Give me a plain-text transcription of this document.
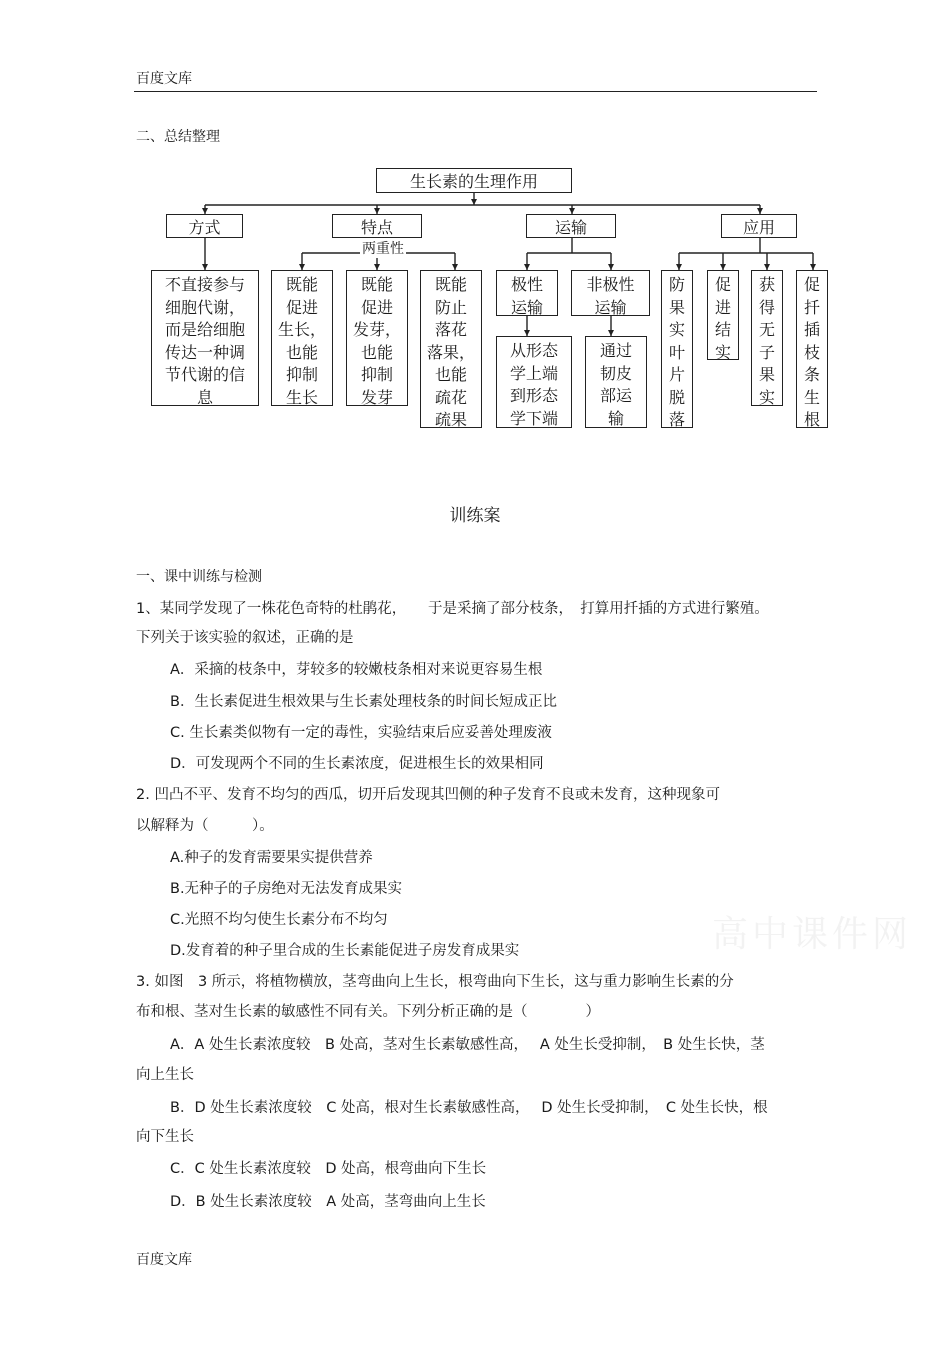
百度文库
二、总结整理
生长素的生理作用
方式	特点	运输	应用
两重性
不直接参与
细胞代谢，
而是给细胞
传达一种调
节代谢的信
息
既能
促进
生长，
也能
抑制
生长
既能
促进
发芽，
也能
抑制
发芽
既能
防止
落花
落果，
也能
疏花
疏果
极性
运输
非极性
运输
从形态
学上端
到形态
学下端
通过
韧皮
部运
输
防
果
实
叶
片
脱
落
促
进
结
实
获
得
无
子
果
实
促
扦
插
枝
条
生
根
训练案
一、课中训练与检测
1、某同学发现了一株花色奇特的杜鹃花，　　于是采摘了部分枝条，　打算用扦插的方式进行繁殖。
下列关于该实验的叙述，正确的是
A．采摘的枝条中，芽较多的较嫩枝条相对来说更容易生根
B．生长素促进生根效果与生长素处理枝条的时间长短成正比
C. 生长素类似物有一定的毒性，实验结束后应妥善处理废液
D．可发现两个不同的生长素浓度，促进根生长的效果相同
2. 凹凸不平、发育不均匀的西瓜，切开后发现其凹侧的种子发育不良或未发育，这种现象可
以解释为（　　　）。
A.种子的发育需要果实提供营养
B.无种子的子房绝对无法发育成果实
C.光照不均匀使生长素分布不均匀
D.发育着的种子里合成的生长素能促进子房发育成果实	高中课件网
3. 如图　3 所示，将植物横放，茎弯曲向上生长，根弯曲向下生长，这与重力影响生长素的分
布和根、茎对生长素的敏感性不同有关。下列分析正确的是（　　　　）
A．A 处生长素浓度较　B 处高，茎对生长素敏感性高，　 A 处生长受抑制，　B 处生长快，茎
向上生长
B．D 处生长素浓度较　C 处高，根对生长素敏感性高，　 D 处生长受抑制，　C 处生长快，根
向下生长
C．C 处生长素浓度较　D 处高，根弯曲向下生长
D．B 处生长素浓度较　A 处高，茎弯曲向上生长
百度文库
